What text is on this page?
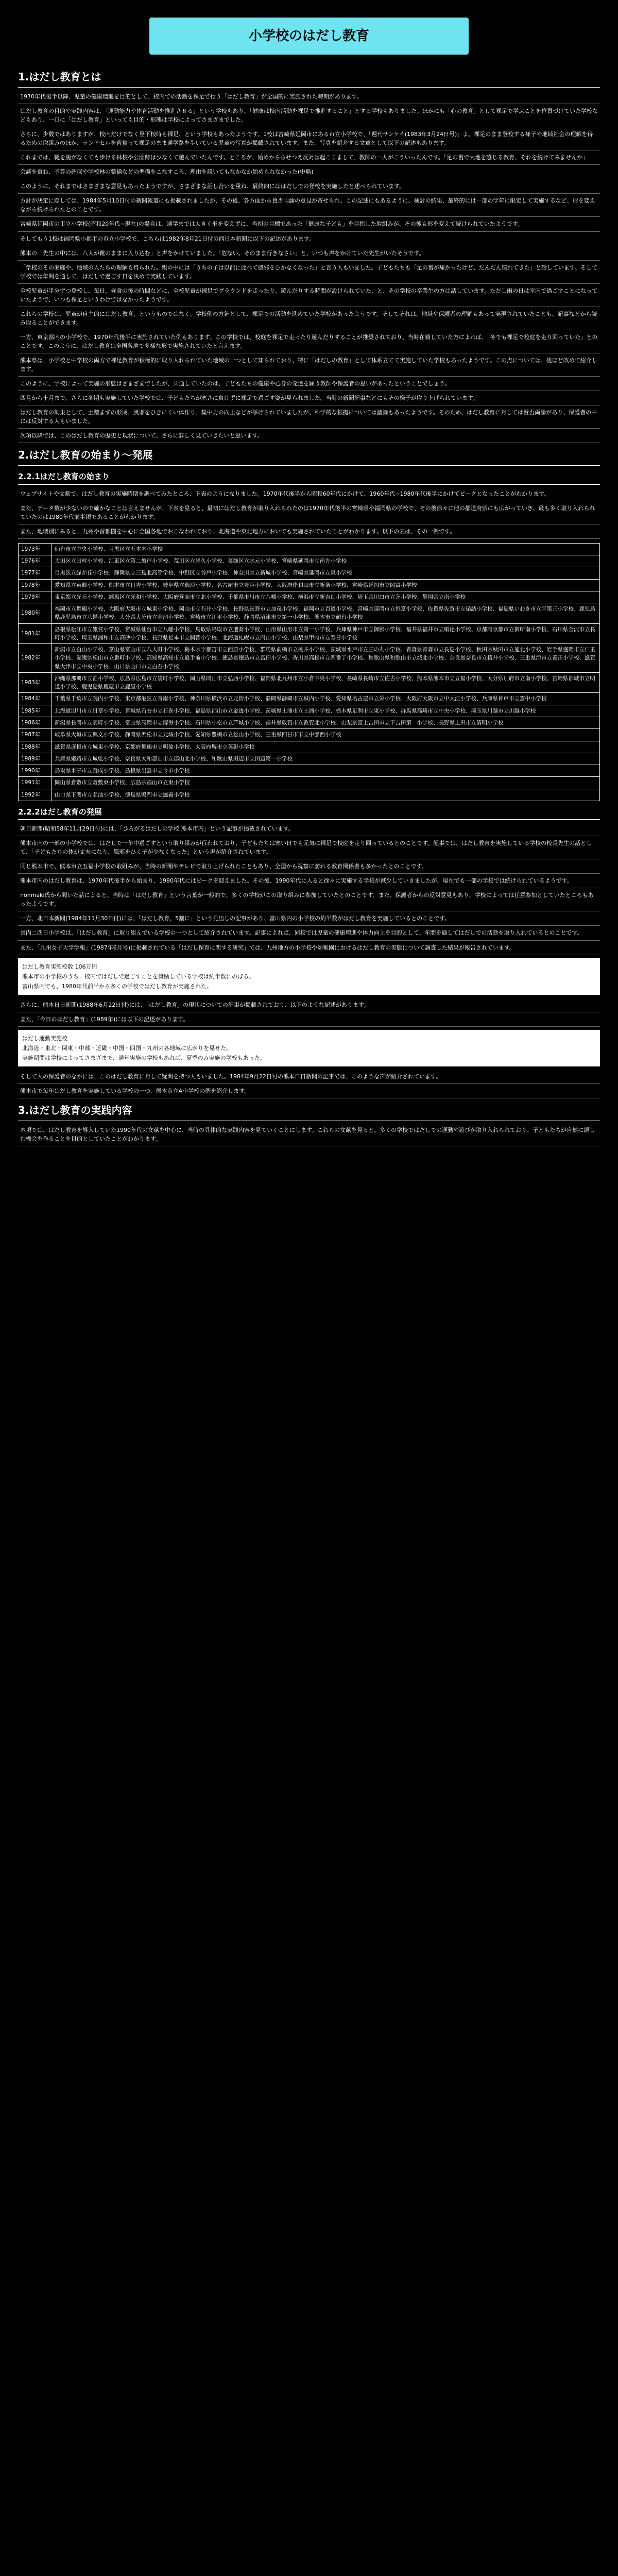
小学校のはだし教育
1.はだし教育とは

1970年代後半以降、児童の健康増進を目的として、校内での活動を裸足で行う「はだし教育」が全国的に実施された時期があります。

はだし教育の目的や実践内容は、「運動能力や体育活動を推進させる」という学校もあり、「健康は校内活動を裸足で推進すること」とする学校もありました。ほかにも「心の教育」として裸足で学ぶことを位置づけていた学校などもあり、一口に「はだし教育」といっても目的・形態は学校によってさまざまでした。

さらに、少数ではありますが、校内だけでなく登下校時も裸足、という学校もあったようです。1校は宮崎県延岡市にある市立小学校で、「週刊サンケイ(1983年3月24日号)」よ、裸足のまま登校する様子や地域社会の理解を得るための取組みのほか、ランドセルを背負って裸足のまま通学路を歩いている児童の写真が掲載されています。また、写真を紹介する文章として以下の記述もあります。

これまでは、靴を脱がなくても歩ける林校や公園跡は少なくて遊んでいたんです。ところが、始めかららせつえ反対は起こりまして、教師の一人がこういったんです。「足の裏で大地を感じる教育、それを続けてみませんか」

会談を重ね、予算の確保や学校林の整備などの準備をこなすころ、理由を説いてもなかなか始められなかった(中略)

このように、それまではさまざまな意見もあったようですが、さまざまな話し合いを重ね、最終的にははだしでの登校を実施したと述べられています。

方針が決定に際しては、1984年5月10日付の新聞報道にも掲載されましたが、その後、各方面から賛否両論の意見が寄せられ、この記述にもあるように、検討の結果、最終的には一部の学年に限定して実施するなど、形を変えながら続けられたとのことです。

宮崎県延岡市の市立小学校(昭和20年代~現在)の場合は、通学までは大きく形を変えずに、当初の目標であった「健康な子ども」を目指した取組みが、その後も形を変えて続けられていたようです。

そしてもう1校は福岡県小郡市の市立小学校で、こちらは1982年8月21日付の西日本新聞に以下の記述があります。

熊本の「先生の中には、八人が靴のままに入り込む」と声をかけていました。「危ない。そのまま行きなさい」と、いつも声をかけていた先生がいたそうです。

「学校のその家庭や、地域の人たちの理解も得られた。親の中には「うちの子は以前に比べて風邪をひかなくなった」と言う人もいました。子どもたちも「足の裏が痛かったけど、だんだん慣れてきた」と話しています。そして学校では年間を通して、はだしで過ごす日を決めて実践しています。

全校児童が半分ずつ登校し、毎日、昼食の後の時間などに、全校児童が裸足でグラウンドを走ったり、遊んだりする時間が設けられていた、と、その学校の卒業生の方は話しています。ただし雨の日は室内で過ごすことになっていたようで、いつも裸足というわけではなかったようです。

これらの学校は、児童が自主的にはだし教育、というものではなく、学校側の方針として、裸足での活動を進めていた学校があったようです。そしてそれは、地域や保護者の理解もあって実現されていたことも、記事などから読み取ることができます。

一方、東京都内の小学校で、1970年代後半に実施されていた例もあります。この学校では、校庭を裸足で走ったり遊んだりすることが推奨されており、当時在籍していた方によれば、「冬でも裸足で校庭を走り回っていた」とのことです。このように、はだし教育は全国各地で多様な形で実施されていたと言えます。

熊本県は、小学校と中学校の両方で裸足教育が積極的に取り入れられていた地域の一つとして知られており、特に「はだしの教育」として体系立てて実施していた学校もあったようです。この点については、後ほど改めて紹介します。

このように、学校によって実施の形態はさまざまでしたが、共通していたのは、子どもたちの健康や心身の発達を願う教師や保護者の思いがあったということでしょう。

四月から十月まで、さらに冬期も実施していた学校では、子どもたちが寒さに負けずに裸足で過ごす姿が見られました。当時の新聞記事などにもその様子が取り上げられています。

はだし教育の効果として、土踏まずの形成、風邪をひきにくい体作り、集中力の向上などが挙げられていましたが、科学的な根拠については議論もあったようです。そのため、はだし教育に対しては賛否両論があり、保護者の中には反対する人もいました。

次項以降では、このはだし教育の歴史と現状について、さらに詳しく見ていきたいと思います。

2.はだし教育の始まり〜発展
2.2.1はだし教育の始まり

ウェブサイトや文献で、はだし教育の実施時期を調べてみたところ、下表のようになりました。1970年代後半から昭和60年代にかけて、1960年代~1980年代後半にかけてピークとなったことがわかります。

また、データ数が少ないので確かなことは言えませんが、下表を見ると、最初にはだし教育が取り入れられたのは1970年代後半の宮崎県や福岡県の学校で、その後徐々に他の都道府県にも広がっていき、最も多く取り入れられていたのは1980年代前半頃であることがわかります。

また、地域別にみると、九州や首都圏を中心に全国各地でおこなわれており、北海道や東北地方においても実施されていたことがわかります。以下の表は、その一例です。

1973年	仙台市立中央小学校、目黒区立五本木小学校
1976年	大田区立田村小学校、江東区立第二亀戸小学校、荒川区立尾久小学校、葛飾区立水元小学校、宮崎県延岡市立南方小学校
1977年	目黒区立緑が丘小学校、静岡県立三島北高等学校、中野区立谷戸小学校、神奈川県立新城小学校、宮崎県延岡市立東小学校
1978年	愛知県立東郷小学校、熊本市立日吉小学校、岐阜県立瑞浪小学校、名古屋市立豊臣小学校、大阪府岸和田市立新条小学校、宮崎県延岡市立岡富小学校
1979年	東京都立光丘小学校、練馬区立光和小学校、大阪府箕面市立北小学校、千葉県市川市立八幡小学校、横浜市立新吉田小学校、埼玉県川口市立芝小学校、静岡県立南小学校
1980年	福岡市立舞鶴小学校、大阪府大阪市立城東小学校、岡山市立石井小学校、長野県長野市立加茂小学校、福岡市立百道小学校、宮崎県延岡市立恒富小学校、佐賀県佐賀市立循誘小学校、福島県いわき市立平第三小学校、鹿児島県鹿児島市立八幡小学校、大分県大分市立金池小学校、宮崎市立江平小学校、静岡県沼津市立第一小学校、熊本市立碩台小学校
1981年	島根県松江市立雑賀小学校、宮城県仙台市立八幡小学校、鳥取県鳥取市立遷喬小学校、山形県山形市立第一小学校、兵庫県神戸市立御影小学校、福井県福井市立順化小学校、京都府京都市立御所南小学校、石川県金沢市立長町小学校、埼玉県浦和市立高砂小学校、長野県松本市立開智小学校、北海道札幌市立円山小学校、山梨県甲府市立春日小学校
1982年	新潟市立白山小学校、富山県富山市立八人町小学校、栃木県宇都宮市立西原小学校、群馬県前橋市立桃井小学校、茨城県水戸市立三の丸小学校、青森県青森市立長島小学校、秋田県秋田市立旭北小学校、岩手県盛岡市立仁王小学校、愛媛県松山市立番町小学校、高知県高知市立追手前小学校、徳島県徳島市立富田小学校、香川県高松市立四番丁小学校、和歌山県和歌山市立城北小学校、奈良県奈良市立椿井小学校、三重県津市立養正小学校、滋賀県大津市立中央小学校、山口県山口市立白石小学校
1983年	沖縄県那覇市立泊小学校、広島県広島市立袋町小学校、岡山県岡山市立弘西小学校、福岡県北九州市立小倉中央小学校、長崎県長崎市立佐古小学校、熊本県熊本市立五福小学校、大分県別府市立南小学校、宮崎県都城市立明道小学校、鹿児島県鹿屋市立鹿屋小学校
1984年	千葉県千葉市立院内小学校、東京都港区立青南小学校、神奈川県横浜市立元街小学校、静岡県静岡市立城内小学校、愛知県名古屋市立栄小学校、大阪府大阪市立中大江小学校、兵庫県神戸市立雲中小学校
1985年	北海道旭川市立日章小学校、宮城県石巻市立石巻小学校、福島県郡山市立金透小学校、茨城県土浦市立土浦小学校、栃木県足利市立東小学校、群馬県高崎市立中央小学校、埼玉県川越市立川越小学校
1986年	新潟県長岡市立表町小学校、富山県高岡市立博労小学校、石川県小松市立芦城小学校、福井県敦賀市立敦賀北小学校、山梨県富士吉田市立下吉田第一小学校、長野県上田市立清明小学校
1987年	岐阜県大垣市立興文小学校、静岡県浜松市立元城小学校、愛知県豊橋市立松山小学校、三重県四日市市立中部西小学校
1988年	滋賀県彦根市立城東小学校、京都府舞鶴市立明倫小学校、大阪府堺市立英彰小学校
1989年	兵庫県姫路市立城乾小学校、奈良県大和郡山市立郡山北小学校、和歌山県田辺市立田辺第一小学校
1990年	鳥取県米子市立啓成小学校、島根県出雲市立今市小学校
1991年	岡山県倉敷市立倉敷東小学校、広島県福山市立東小学校
1992年	山口県下関市立名池小学校、徳島県鳴門市立撫養小学校
2.2.2はだし教育の発展

朝日新聞(昭和58年11月29日付)には、「ひろがるはだしの学校 熊本市内」という記事が掲載されています。

熊本市内の一部の小学校では、はだしで一年中過ごすという取り組みが行われており、子どもたちは寒い日でも元気に裸足で校庭を走り回っているとのことです。記事では、はだし教育を実施している学校の校長先生の話として、「子どもたちの体が丈夫になり、風邪をひく子が少なくなった」という声が紹介されています。

同じ熊本市で、熊本市立五福小学校の取組みが、当時の新聞やテレビで取り上げられたこともあり、全国から視察に訪れる教育関係者も多かったとのことです。

熊本市内のはだし教育は、1970年代後半から始まり、1980年代にはピークを迎えました。その後、1990年代に入ると徐々に実施する学校が減少していきましたが、現在でも一部の学校では続けられているようです。

nonmaki氏から聞いた話によると、当時は「はだし教育」という言葉が一般的で、多くの学校がこの取り組みに参加していたとのことです。また、保護者からの反対意見もあり、学校によっては任意参加としていたところもあったようです。

一方、北日本新聞(1984年11月30日付)には、「はだし教育、5割に」という見出しの記事があり、富山県内の小学校の約半数がはだし教育を実施しているとのことです。

長内二四日小学校は、「はだし教育」に取り組んでいる学校の一つとして紹介されています。記事によれば、同校では児童の健康増進や体力向上を目的として、年間を通してはだしでの活動を取り入れているとのことです。

また、「九州女子大学学報」(1987年6月号)に掲載されている「はだし保育に関する研究」では、九州地方の小学校や幼稚園におけるはだし教育の実態について調査した結果が報告されています。

はだし教育実施校数 106万円
熊本市の小学校のうち、校内ではだしで過ごすことを奨励している学校は約半数にのぼる。
富山県内でも、1980年代前半から多くの学校ではだし教育が実施された。

さらに、熊本日日新聞(1988年6月22日付)には、「はだし教育」の現状についての記事が掲載されており、以下のような記述があります。

また、「今日のはだし教育」(1989年)には以下の記述があります。

はだし運動実施校
北海道・東北・関東・中部・近畿・中国・四国・九州の各地域に広がりを見せた。
実施期間は学校によってさまざまで、通年実施の学校もあれば、夏季のみ実施の学校もあった。

そして人の保護者のなかには、このはだし教育に対して疑問を持つ人もいました。1984年9月22日付の熊本日日新聞の記事では、このような声が紹介されています。

熊本市で毎年はだし教育を実施している学校の一つ、熊本市立A小学校の例を紹介します。

3.はだし教育の実践内容

本項では、はだし教育を導入していた1990年代の文献を中心に、当時の具体的な実践内容を見ていくことにします。これらの文献を見ると、多くの学校ではだしでの運動や遊びが取り入れられており、子どもたちが自然に親しむ機会を作ることを目的としていたことがわかります。
